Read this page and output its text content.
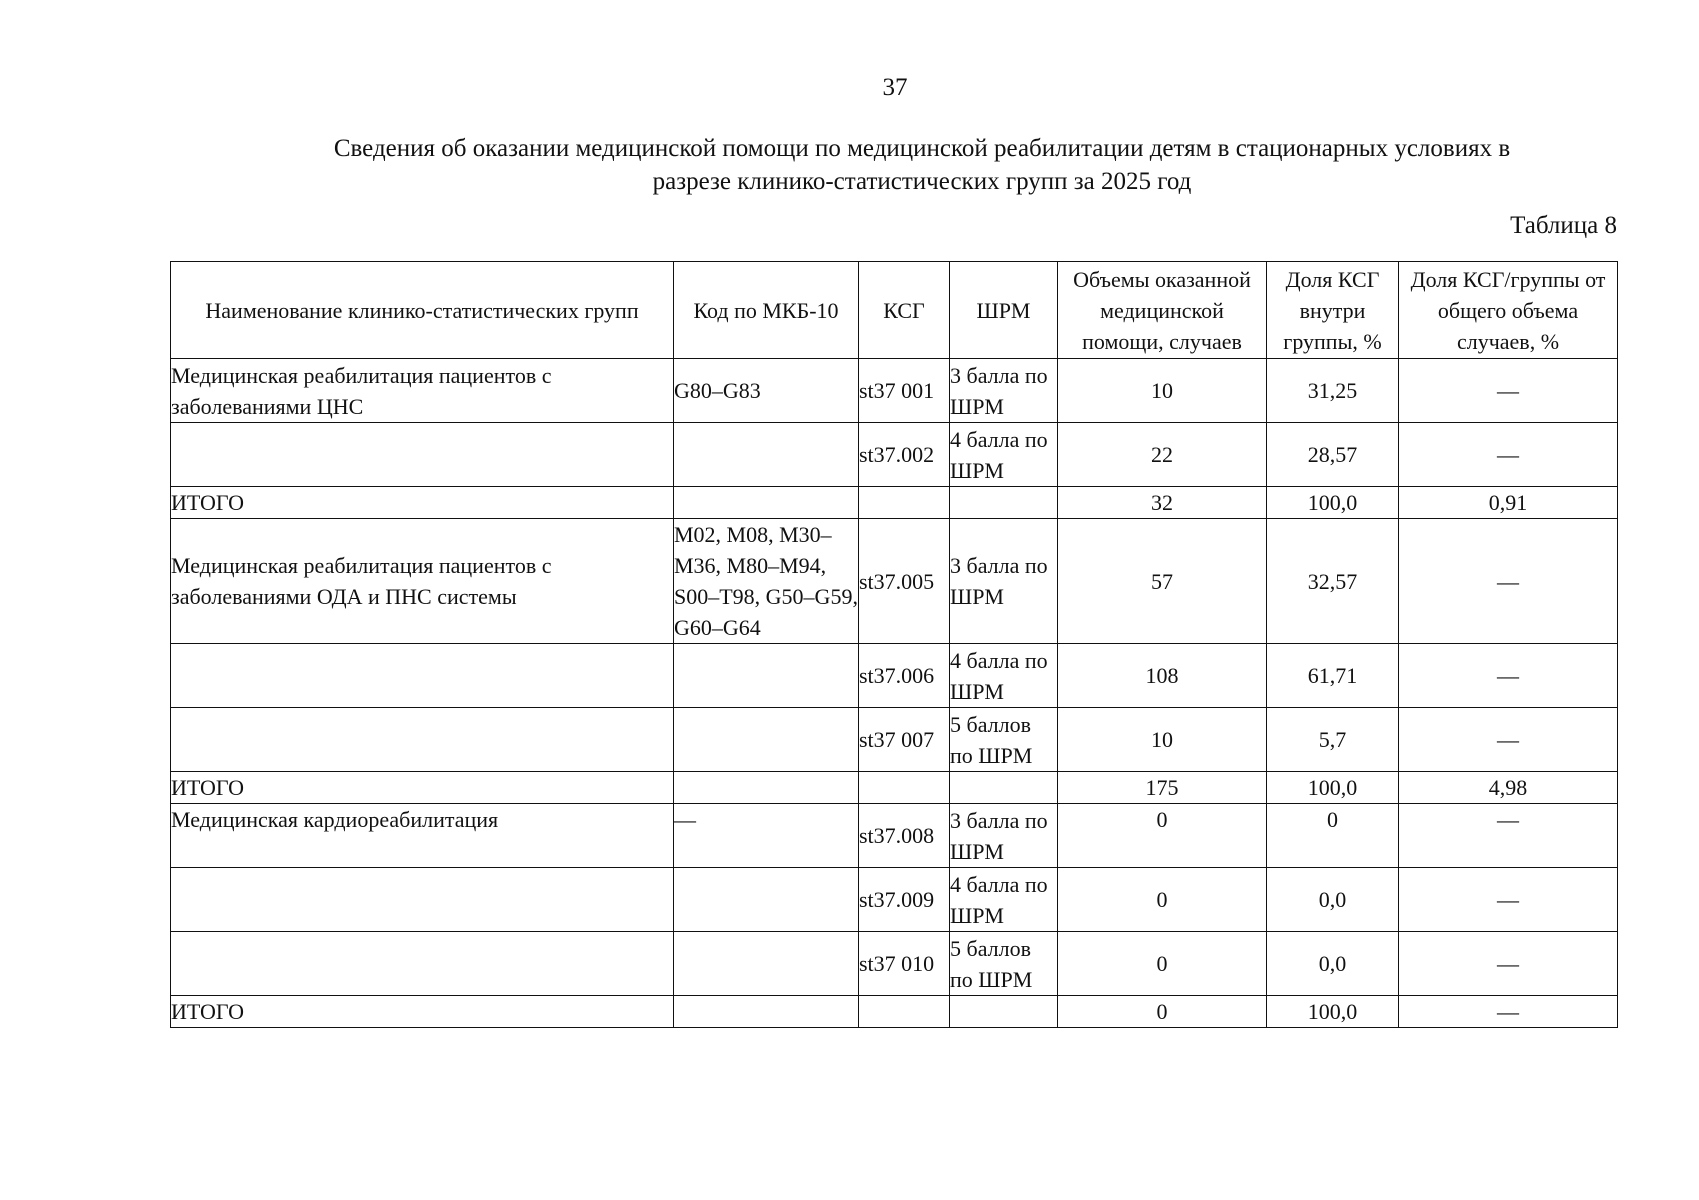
37
Сведения об оказании медицинской помощи по медицинской реабилитации детям в стационарных условиях в
разрезе клинико-статистических групп за 2025 год
Таблица 8
Наименование клинико-статистических групп	Код по МКБ-10	КСГ	ШРМ	Объемы оказанной медицинской помощи, случаев	Доля КСГ внутри группы, %	Доля КСГ/группы от общего объема случаев, %
Медицинская реабилитация пациентов с заболеваниями ЦНС	G80–G83	st37 001	3 балла по ШРМ	10	31,25	—
		st37.002	4 балла по ШРМ	22	28,57	—
ИТОГО				32	100,0	0,91
Медицинская реабилитация пациентов с заболеваниями ОДА и ПНС системы	M02, M08, M30–M36, M80–M94, S00–T98, G50–G59, G60–G64	st37.005	3 балла по ШРМ	57	32,57	—
		st37.006	4 балла по ШРМ	108	61,71	—
		st37 007	5 баллов по ШРМ	10	5,7	—
ИТОГО				175	100,0	4,98
Медицинская кардиореабилитация	—	st37.008	3 балла по ШРМ	0	0	—
		st37.009	4 балла по ШРМ	0	0,0	—
		st37 010	5 баллов по ШРМ	0	0,0	—
ИТОГО				0	100,0	—
